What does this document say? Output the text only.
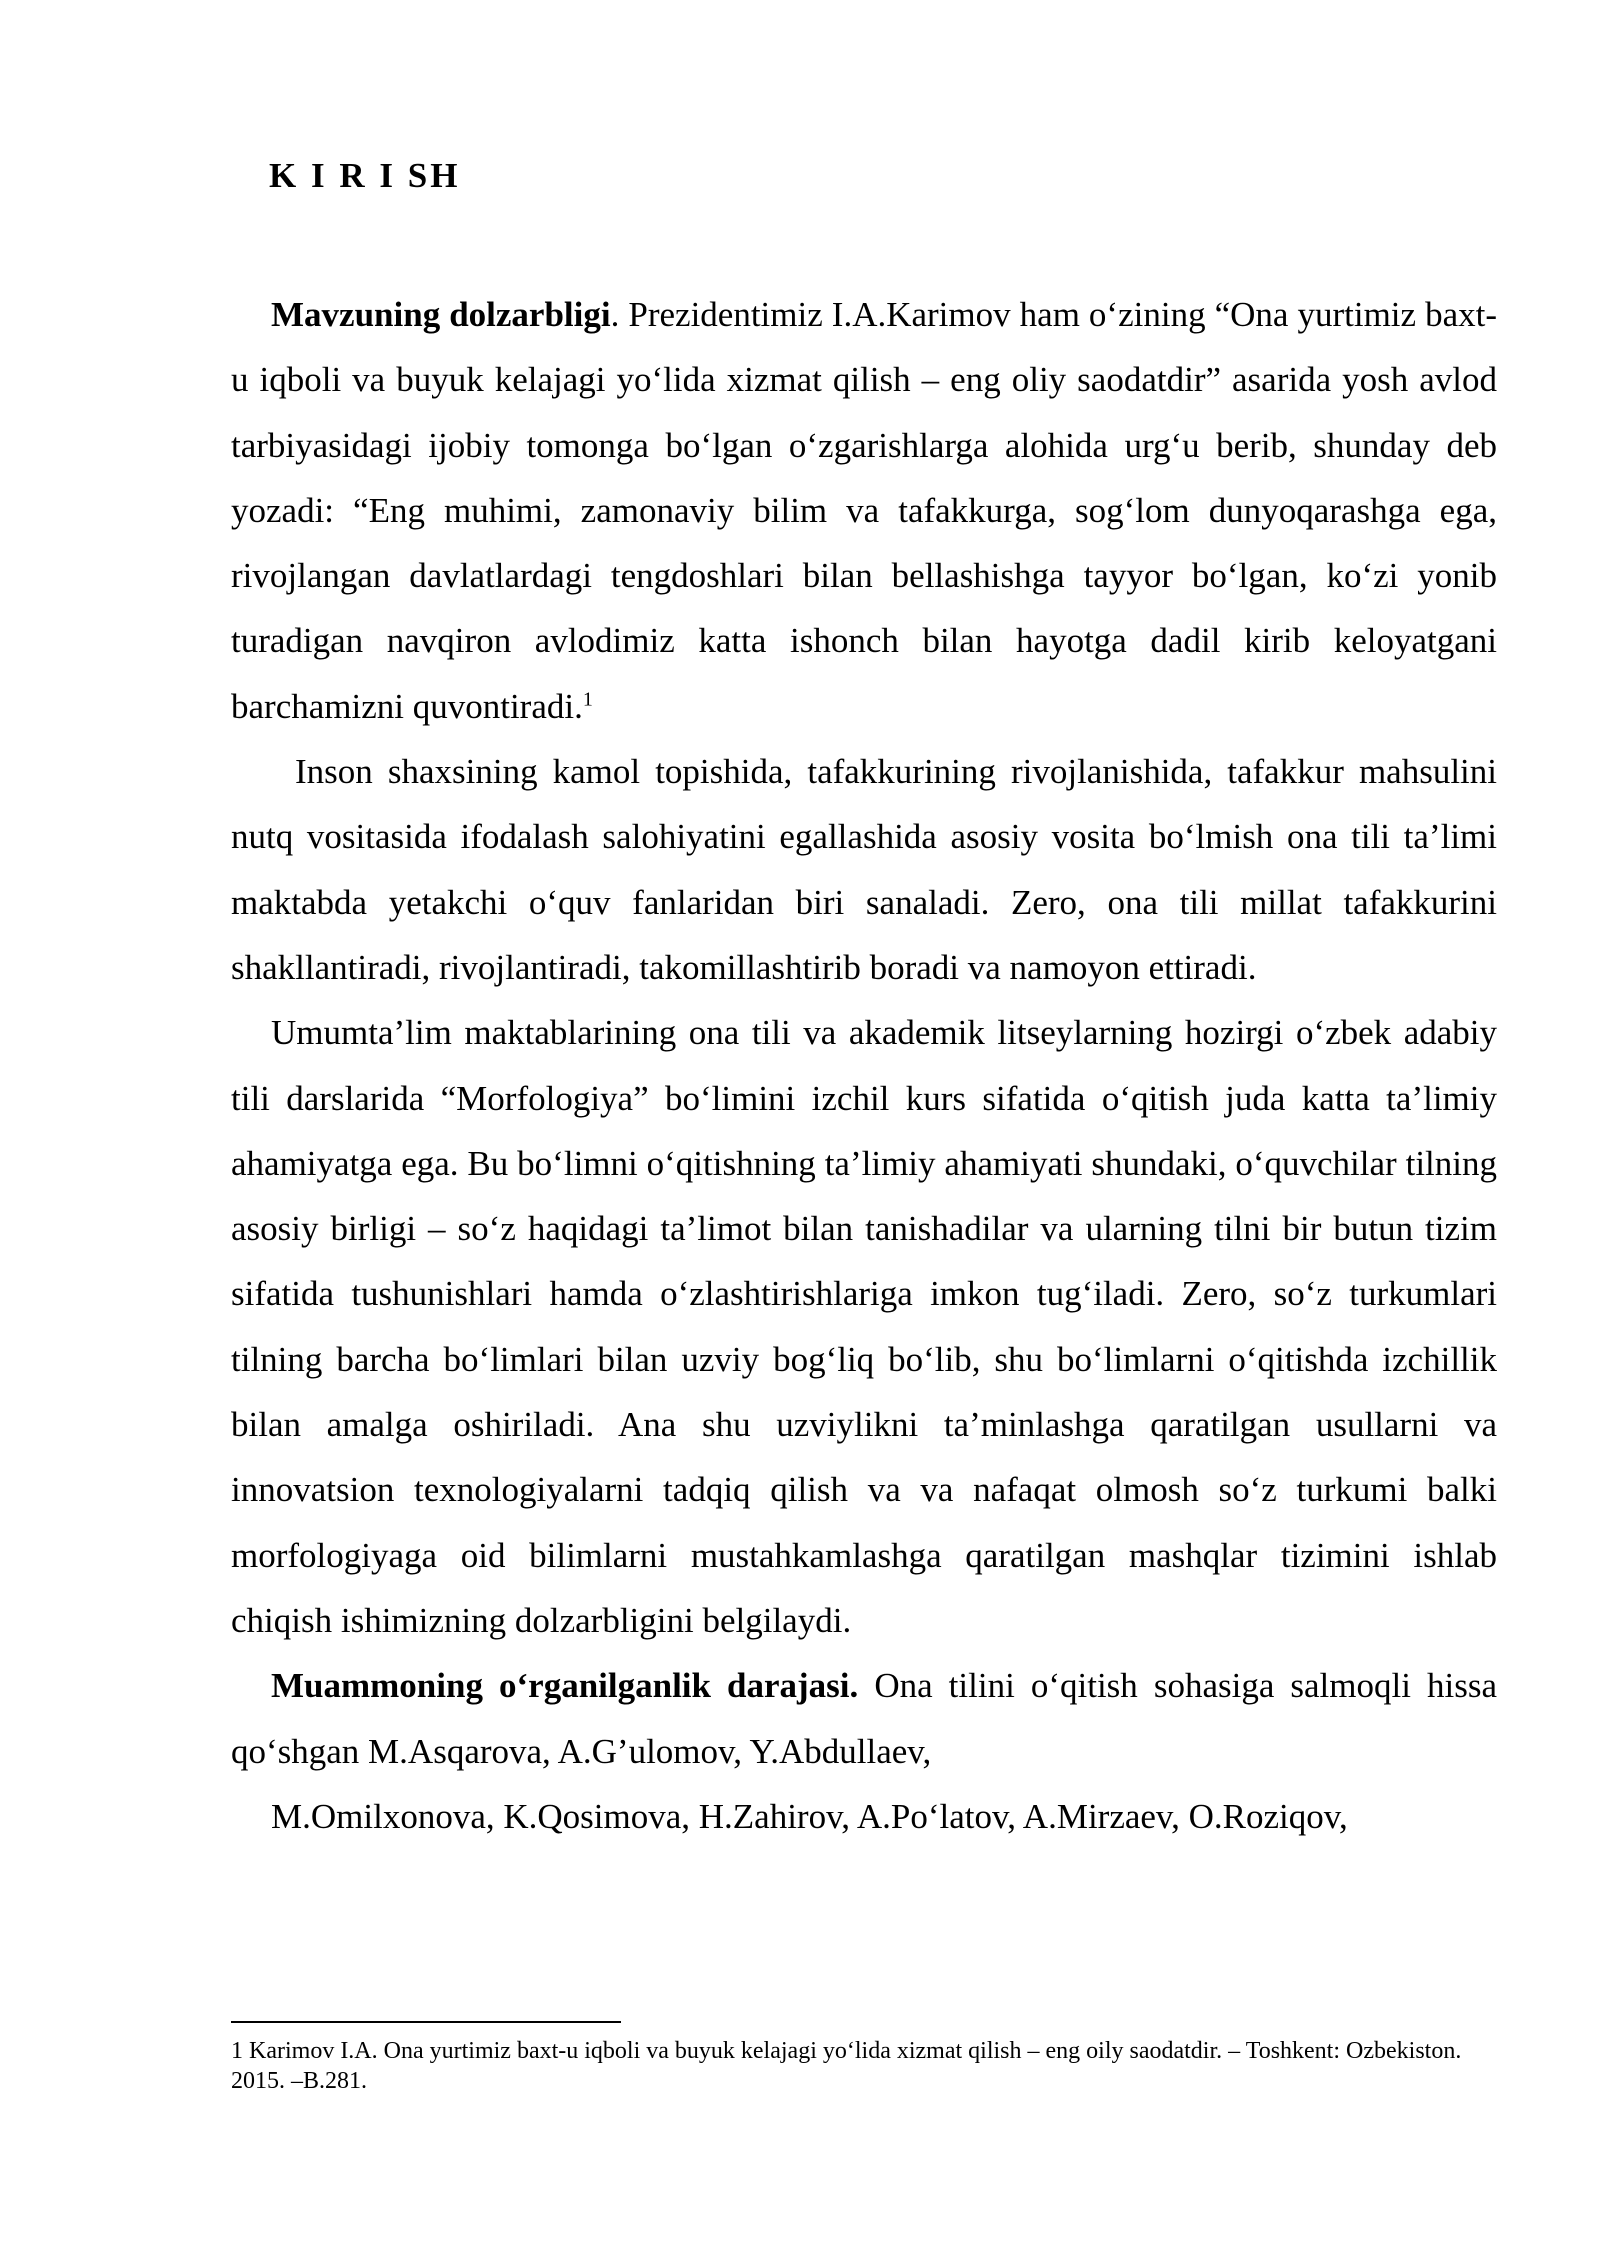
K I R I SH

Mavzuning dolzarbligi. Prezidentimiz I.A.Karimov ham o‘zining “Ona yurtimiz baxt-u iqboli va buyuk kelajagi yo‘lida xizmat qilish – eng oliy saodatdir” asarida yosh avlod tarbiyasidagi ijobiy tomonga bo‘lgan o‘zgarishlarga alohida urg‘u berib, shunday deb yozadi: “Eng muhimi, zamonaviy bilim va tafakkurga, sog‘lom dunyoqarashga ega, rivojlangan davlatlardagi tengdoshlari bilan bellashishga tayyor bo‘lgan, ko‘zi yonib turadigan navqiron avlodimiz katta ishonch bilan hayotga dadil kirib keloyatgani barchamizni quvontiradi.$^1$

Inson shaxsining kamol topishida, tafakkurining rivojlanishida, tafakkur mahsulini nutq vositasida ifodalash salohiyatini egallashida asosiy vosita bo‘lmish ona tili ta’limi maktabda yetakchi o‘quv fanlaridan biri sanaladi. Zero, ona tili millat tafakkurini shakllantiradi, rivojlantiradi, takomillashtirib boradi va namoyon ettiradi.

Umumta’lim maktablarining ona tili va akademik litseylarning hozirgi o‘zbek adabiy tili darslarida “Morfologiya” bo‘limini izchil kurs sifatida o‘qitish juda katta ta’limiy ahamiyatga ega. Bu bo‘limni o‘qitishning ta’limiy ahamiyati shundaki, o‘quvchilar tilning asosiy birligi – so‘z haqidagi ta’limot bilan tanishadilar va ularning tilni bir butun tizim sifatida tushunishlari hamda o‘zlashtirishlariga imkon tug‘iladi. Zero, so‘z turkumlari tilning barcha bo‘limlari bilan uzviy bog‘liq bo‘lib, shu bo‘limlarni o‘qitishda izchillik bilan amalga oshiriladi. Ana shu uzviylikni ta’minlashga qaratilgan usullarni va innovatsion texnologiyalarni tadqiq qilish va va nafaqat olmosh so‘z turkumi balki morfologiyaga oid bilimlarni mustahkamlashga qaratilgan mashqlar tizimini ishlab chiqish ishimizning dolzarbligini belgilaydi.

Muammoning o‘rganilganlik darajasi. Ona tilini o‘qitish sohasiga salmoqli hissa qo‘shgan M.Asqarova, A.G’ulomov, Y.Abdullaev,

M.Omilxonova, K.Qosimova, H.Zahirov, A.Po‘latov, A.Mirzaev, O.Roziqov,

1 Karimov I.A. Ona yurtimiz baxt-u iqboli va buyuk kelajagi yo‘lida xizmat qilish – eng oily saodatdir. – Toshkent: Ozbekiston. 2015. –B.281.
